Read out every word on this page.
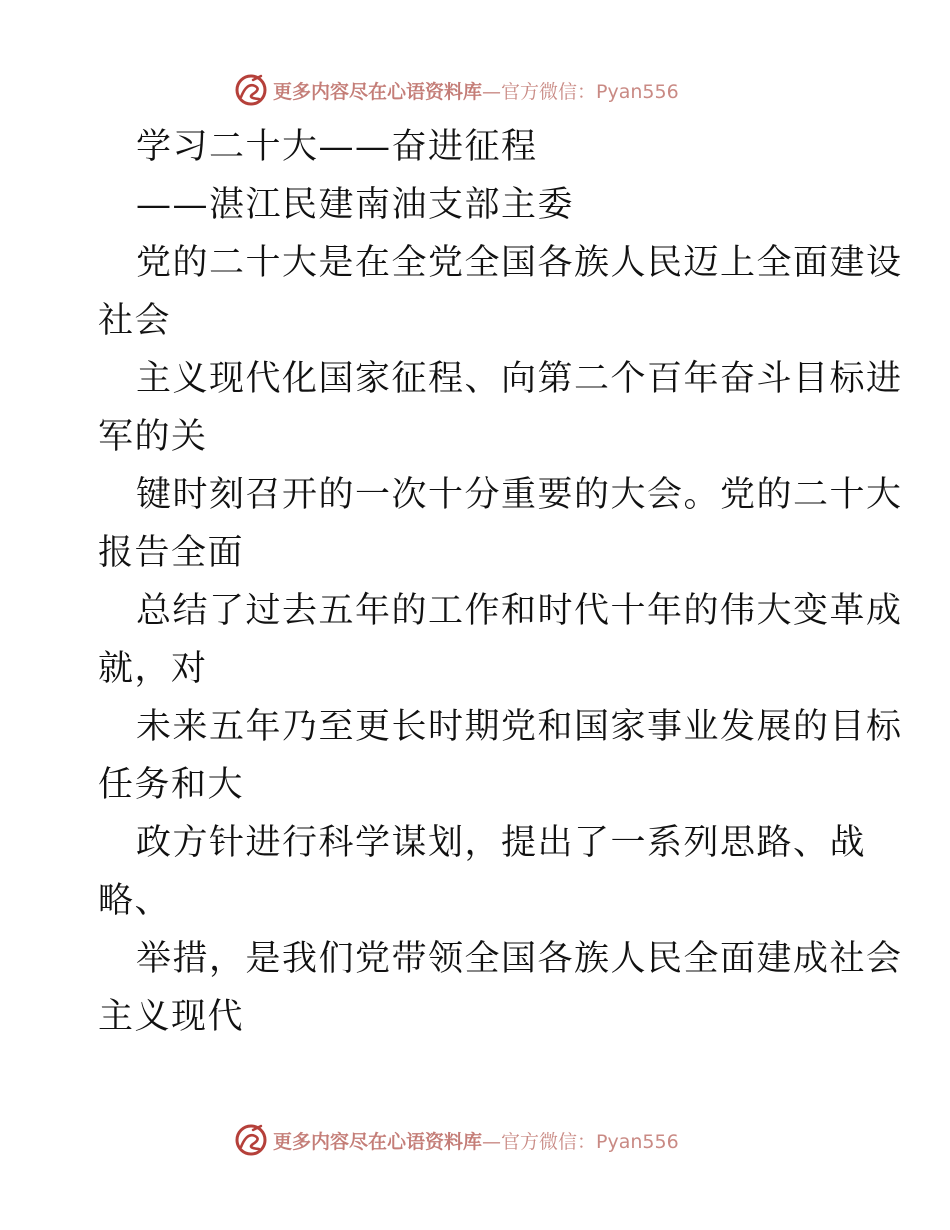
更多内容尽在心语资料库 —官方微信：Pyan556
学习二十大——奋进征程
——湛江民建南油支部主委
党的二十大是在全党全国各族人民迈上全面建设
社会
主义现代化国家征程、向第二个百年奋斗目标进
军的关
键时刻召开的一次十分重要的大会。党的二十大
报告全面
总结了过去五年的工作和时代十年的伟大变革成
就，对
未来五年乃至更长时期党和国家事业发展的目标
任务和大
政方针进行科学谋划，提出了一系列思路、战
略、
举措，是我们党带领全国各族人民全面建成社会
主义现代
更多内容尽在心语资料库 —官方微信：Pyan556
